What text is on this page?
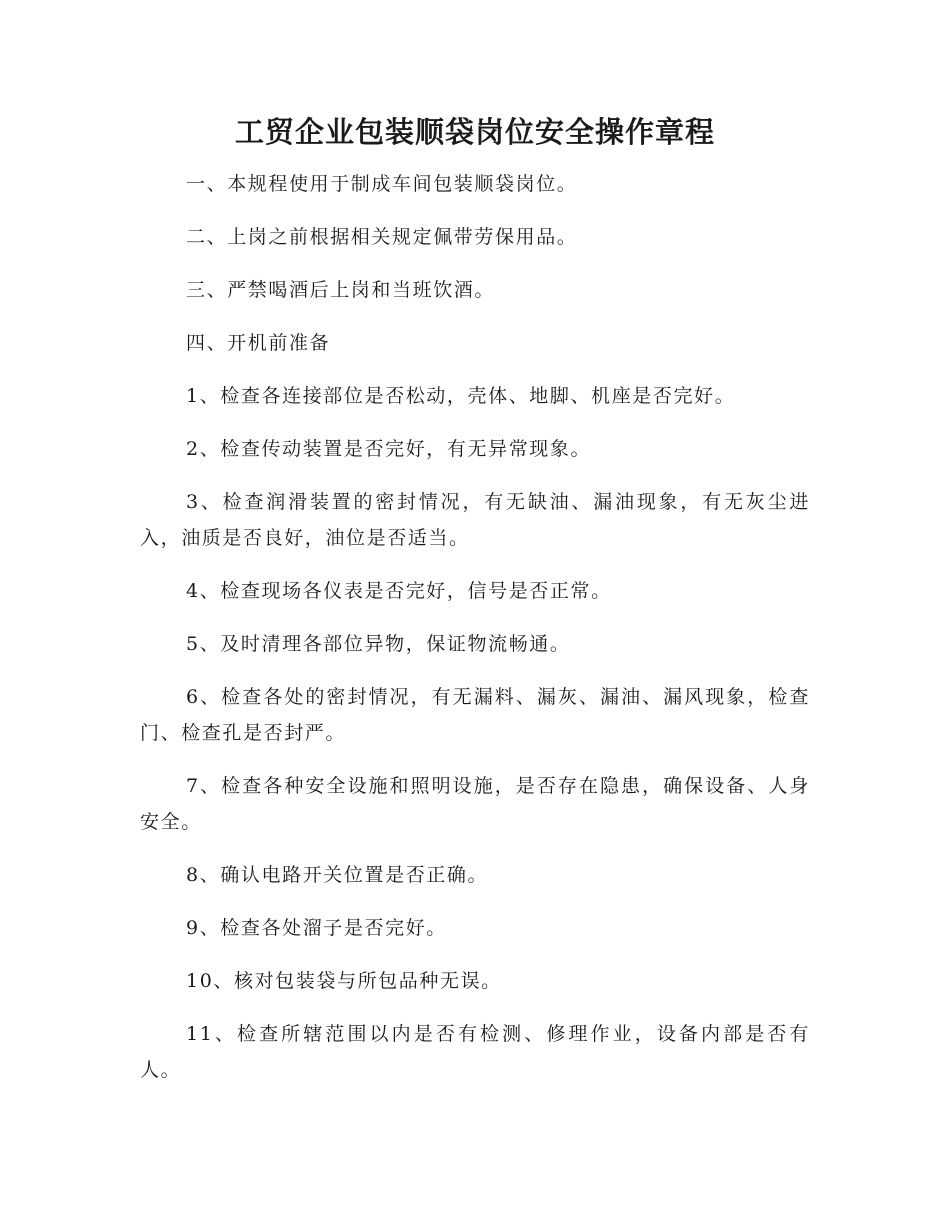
工贸企业包装顺袋岗位安全操作章程

一、本规程使用于制成车间包装顺袋岗位。

二、上岗之前根据相关规定佩带劳保用品。

三、严禁喝酒后上岗和当班饮酒。

四、开机前准备

1、检查各连接部位是否松动，壳体、地脚、机座是否完好。

2、检查传动装置是否完好，有无异常现象。

3、检查润滑装置的密封情况，有无缺油、漏油现象，有无灰尘进入，油质是否良好，油位是否适当。

4、检查现场各仪表是否完好，信号是否正常。

5、及时清理各部位异物，保证物流畅通。

6、检查各处的密封情况，有无漏料、漏灰、漏油、漏风现象，检查门、检查孔是否封严。

7、检查各种安全设施和照明设施，是否存在隐患，确保设备、人身安全。

8、确认电路开关位置是否正确。

9、检查各处溜子是否完好。

10、核对包装袋与所包品种无误。

11、检查所辖范围以内是否有检测、修理作业，设备内部是否有人。
